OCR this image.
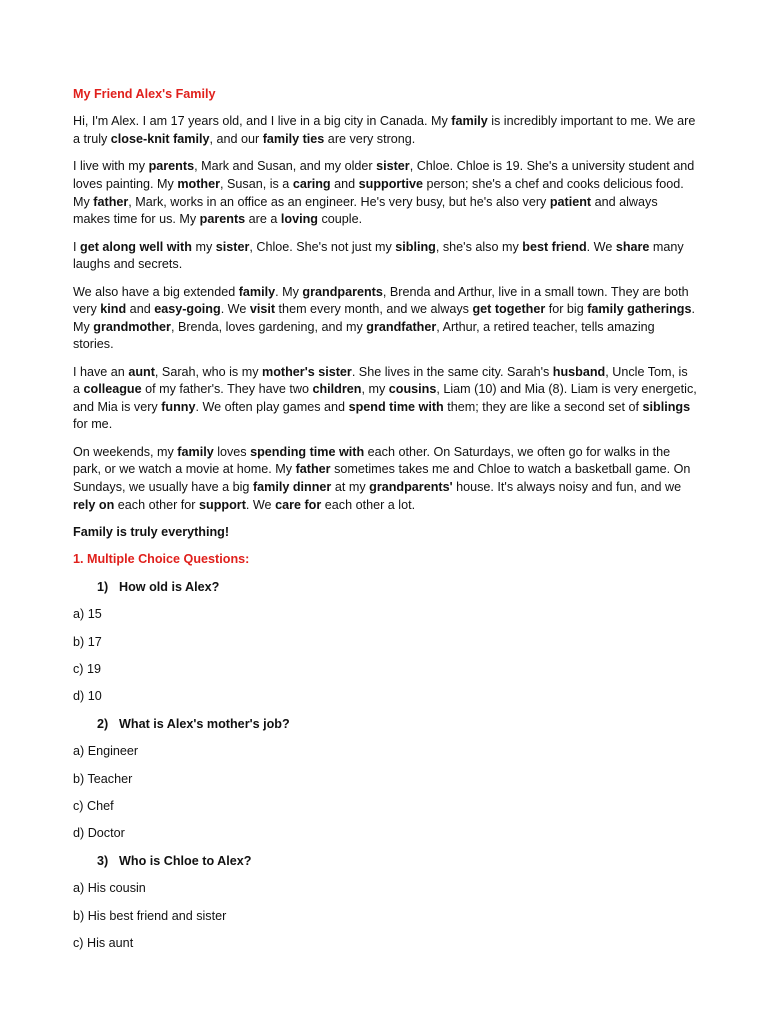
My Friend Alex's Family

Hi, I'm Alex. I am 17 years old, and I live in a big city in Canada. My family is incredibly important to me. We are a truly close-knit family, and our family ties are very strong.

I live with my parents, Mark and Susan, and my older sister, Chloe. Chloe is 19. She's a university student and loves painting. My mother, Susan, is a caring and supportive person; she's a chef and cooks delicious food. My father, Mark, works in an office as an engineer. He's very busy, but he's also very patient and always makes time for us. My parents are a loving couple.

I get along well with my sister, Chloe. She's not just my sibling, she's also my best friend. We share many laughs and secrets.

We also have a big extended family. My grandparents, Brenda and Arthur, live in a small town. They are both very kind and easy-going. We visit them every month, and we always get together for big family gatherings. My grandmother, Brenda, loves gardening, and my grandfather, Arthur, a retired teacher, tells amazing stories.

I have an aunt, Sarah, who is my mother's sister. She lives in the same city. Sarah's husband, Uncle Tom, is a colleague of my father's. They have two children, my cousins, Liam (10) and Mia (8). Liam is very energetic, and Mia is very funny. We often play games and spend time with them; they are like a second set of siblings for me.

On weekends, my family loves spending time with each other. On Saturdays, we often go for walks in the park, or we watch a movie at home. My father sometimes takes me and Chloe to watch a basketball game. On Sundays, we usually have a big family dinner at my grandparents' house. It's always noisy and fun, and we rely on each other for support. We care for each other a lot.

Family is truly everything!

1. Multiple Choice Questions:

1) How old is Alex?

a) 15

b) 17

c) 19

d) 10

2) What is Alex's mother's job?

a) Engineer

b) Teacher

c) Chef

d) Doctor

3) Who is Chloe to Alex?

a) His cousin

b) His best friend and sister

c) His aunt
